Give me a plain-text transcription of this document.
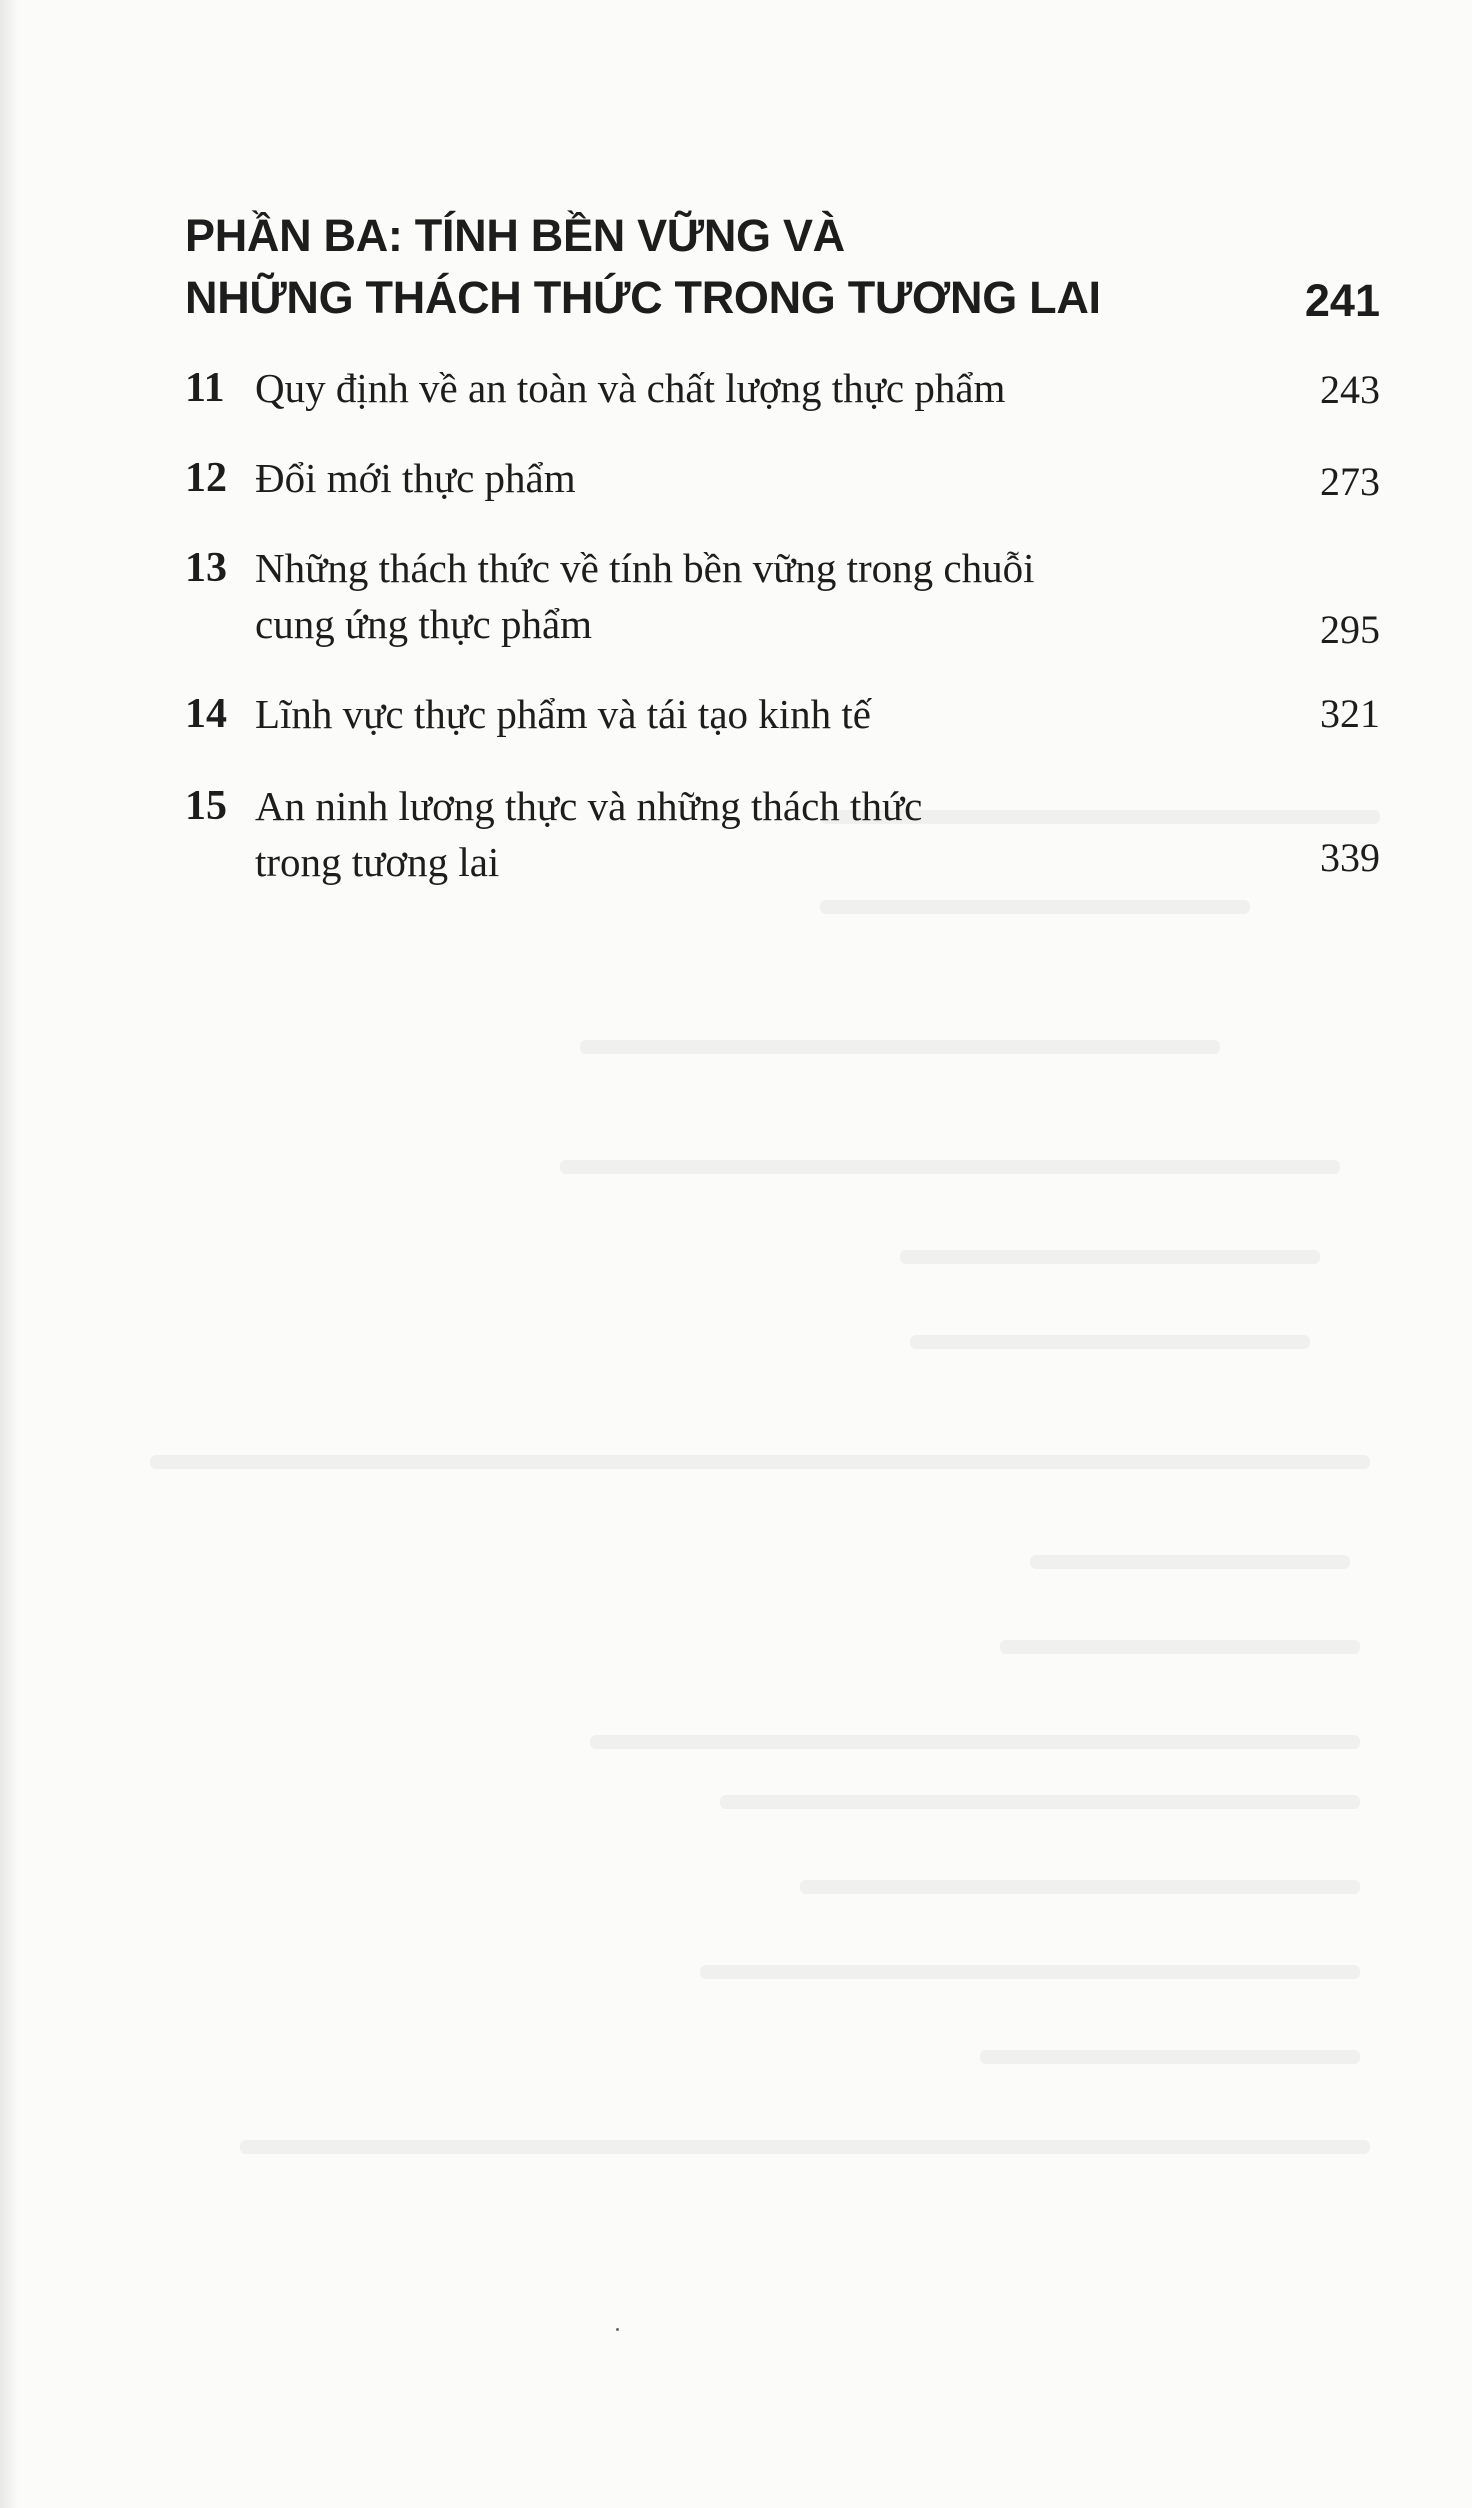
PHẦN BA: TÍNH BỀN VỮNG VÀ
NHỮNG THÁCH THỨC TRONG TƯƠNG LAI	241
11 Quy định về an toàn và chất lượng thực phẩm	243
12 Đổi mới thực phẩm	273
13 Những thách thức về tính bền vững trong chuỗi
cung ứng thực phẩm	295
14 Lĩnh vực thực phẩm và tái tạo kinh tế	321
15 An ninh lương thực và những thách thức
trong tương lai	339
